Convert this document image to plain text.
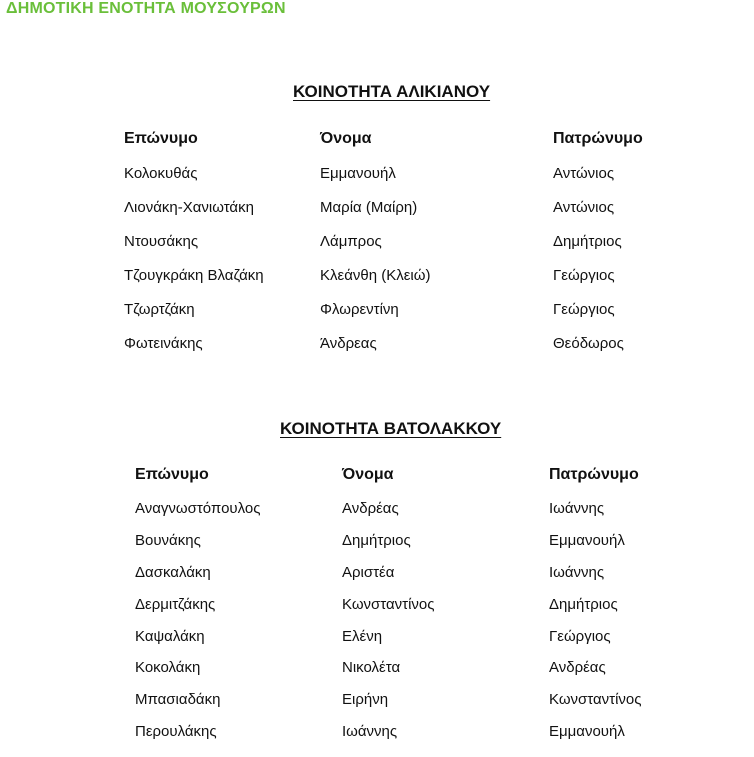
ΔΗΜΟΤΙΚΗ ΕΝΟΤΗΤΑ ΜΟΥΣΟΥΡΩΝ
ΚΟΙΝΟΤΗΤΑ ΑΛΙΚΙΑΝΟΥ
ΚΟΙΝΟΤΗΤΑ ΒΑΤΟΛΑΚΚΟΥ
Επώνυμο	Όνομα	Πατρώνυμο
Κολοκυθάς	Εμμανουήλ	Αντώνιος
Λιονάκη-Χανιωτάκη	Μαρία (Μαίρη)	Αντώνιος
Ντουσάκης	Λάμπρος	Δημήτριος
Τζουγκράκη Βλαζάκη	Κλεάνθη (Κλειώ)	Γεώργιος
Τζωρτζάκη	Φλωρεντίνη	Γεώργιος
Φωτεινάκης	Άνδρεας	Θεόδωρος
Επώνυμο	Όνομα	Πατρώνυμο
Αναγνωστόπουλος	Ανδρέας	Ιωάννης
Βουνάκης	Δημήτριος	Εμμανουήλ
Δασκαλάκη	Αριστέα	Ιωάννης
Δερμιτζάκης	Κωνσταντίνος	Δημήτριος
Καψαλάκη	Ελένη	Γεώργιος
Κοκολάκη	Νικολέτα	Ανδρέας
Μπασιαδάκη	Ειρήνη	Κωνσταντίνος
Περουλάκης	Ιωάννης	Εμμανουήλ
